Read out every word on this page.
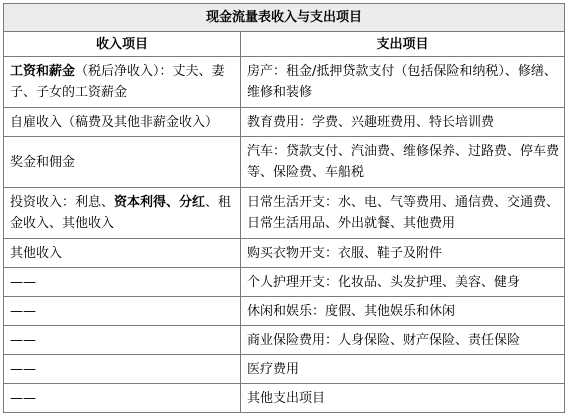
现金流量表收入与支出项目	
收入项目	支出项目
工资和薪金（税后净收入）：丈夫、妻子、子女的工资薪金	房产：租金/抵押贷款支付（包括保险和纳税）、修缮、维修和装修
自雇收入（稿费及其他非薪金收入）	教育费用：学费、兴趣班费用、特长培训费
奖金和佣金	汽车：贷款支付、汽油费、维修保养、过路费、停车费等、保险费、车船税
投资收入：利息、资本利得、分红、租金收入、其他收入	日常生活开支：水、电、气等费用、通信费、交通费、日常生活用品、外出就餐、其他费用
其他收入	购买衣物开支：衣服、鞋子及附件
——	个人护理开支：化妆品、头发护理、美容、健身
——	休闲和娱乐：度假、其他娱乐和休闲
——	商业保险费用：人身保险、财产保险、责任保险
——	医疗费用
——	其他支出项目
